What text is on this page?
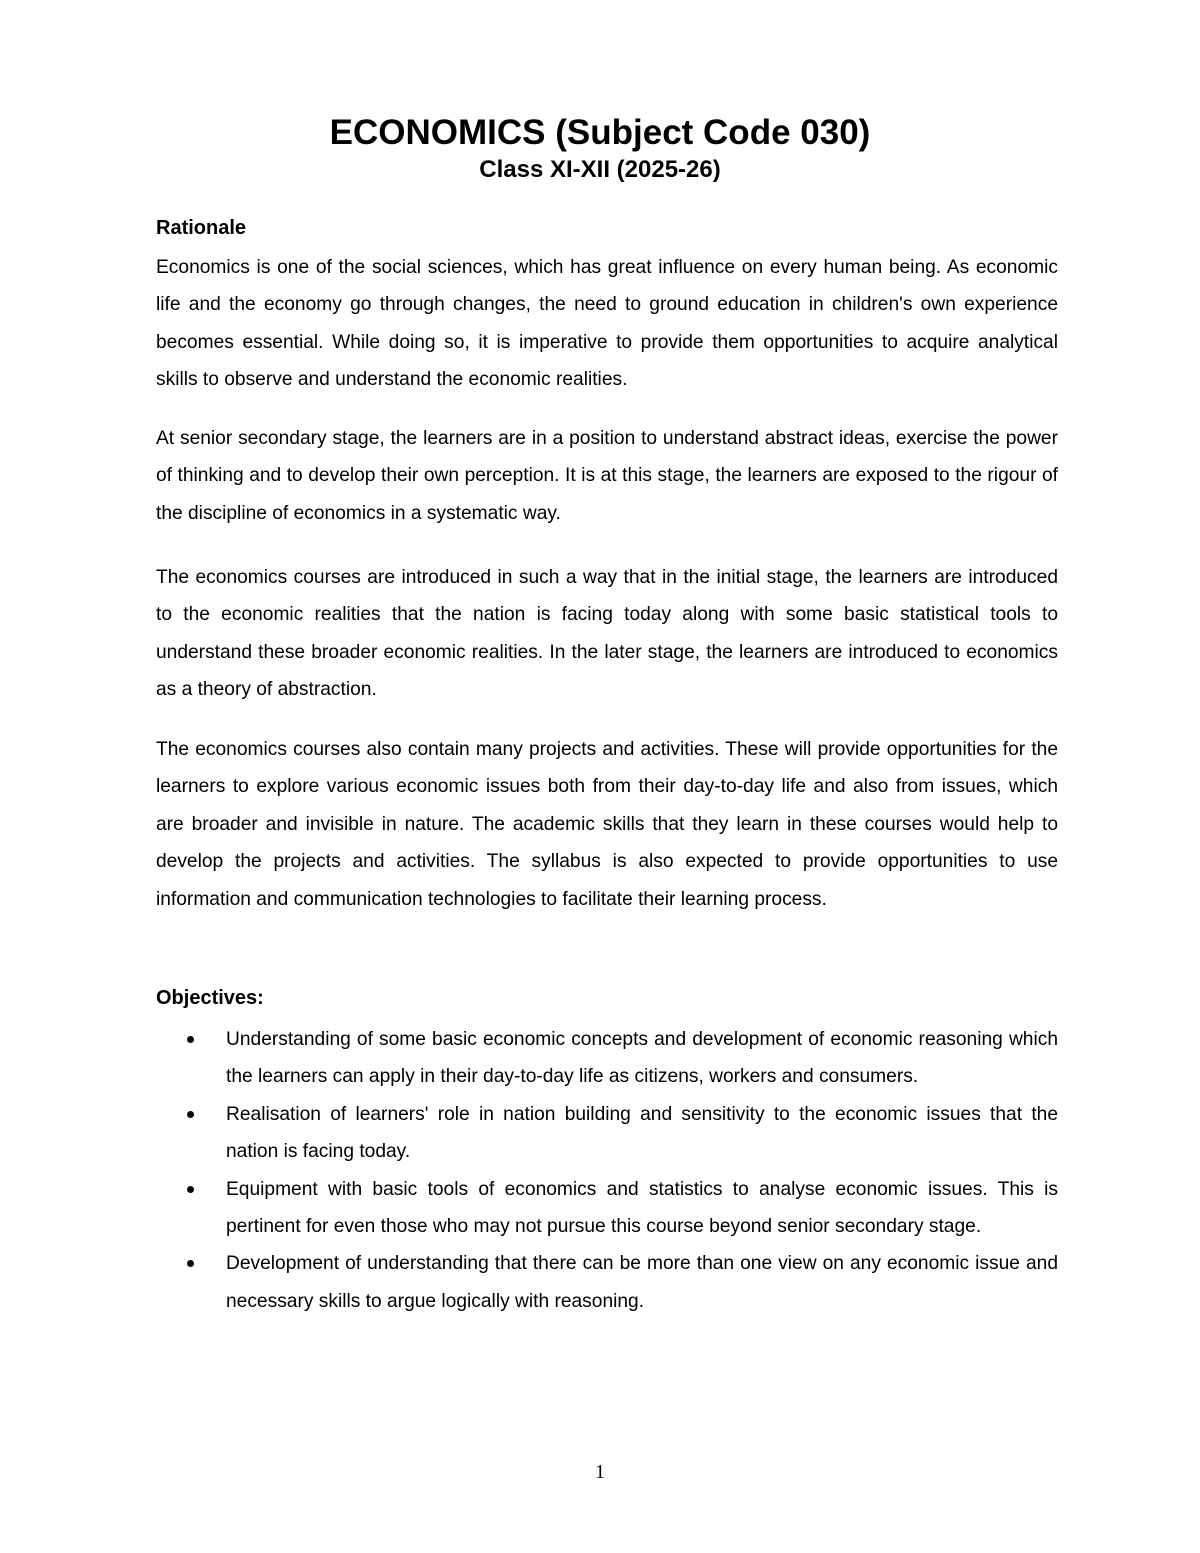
ECONOMICS (Subject Code 030)
Class XI-XII (2025-26)
Rationale

Economics is one of the social sciences, which has great influence on every human being. As economic life and the economy go through changes, the need to ground education in children's own experience becomes essential. While doing so, it is imperative to provide them opportunities to acquire analytical skills to observe and understand the economic realities.

At senior secondary stage, the learners are in a position to understand abstract ideas, exercise the power of thinking and to develop their own perception. It is at this stage, the learners are exposed to the rigour of the discipline of economics in a systematic way.

The economics courses are introduced in such a way that in the initial stage, the learners are introduced to the economic realities that the nation is facing today along with some basic statistical tools to understand these broader economic realities. In the later stage, the learners are introduced to economics as a theory of abstraction.

The economics courses also contain many projects and activities. These will provide opportunities for the learners to explore various economic issues both from their day-to-day life and also from issues, which are broader and invisible in nature. The academic skills that they learn in these courses would help to develop the projects and activities. The syllabus is also expected to provide opportunities to use information and communication technologies to facilitate their learning process.

Objectives:
Understanding of some basic economic concepts and development of economic reasoning which the learners can apply in their day-to-day life as citizens, workers and consumers.
Realisation of learners' role in nation building and sensitivity to the economic issues that the nation is facing today.
Equipment with basic tools of economics and statistics to analyse economic issues. This is pertinent for even those who may not pursue this course beyond senior secondary stage.
Development of understanding that there can be more than one view on any economic issue and necessary skills to argue logically with reasoning.

1
